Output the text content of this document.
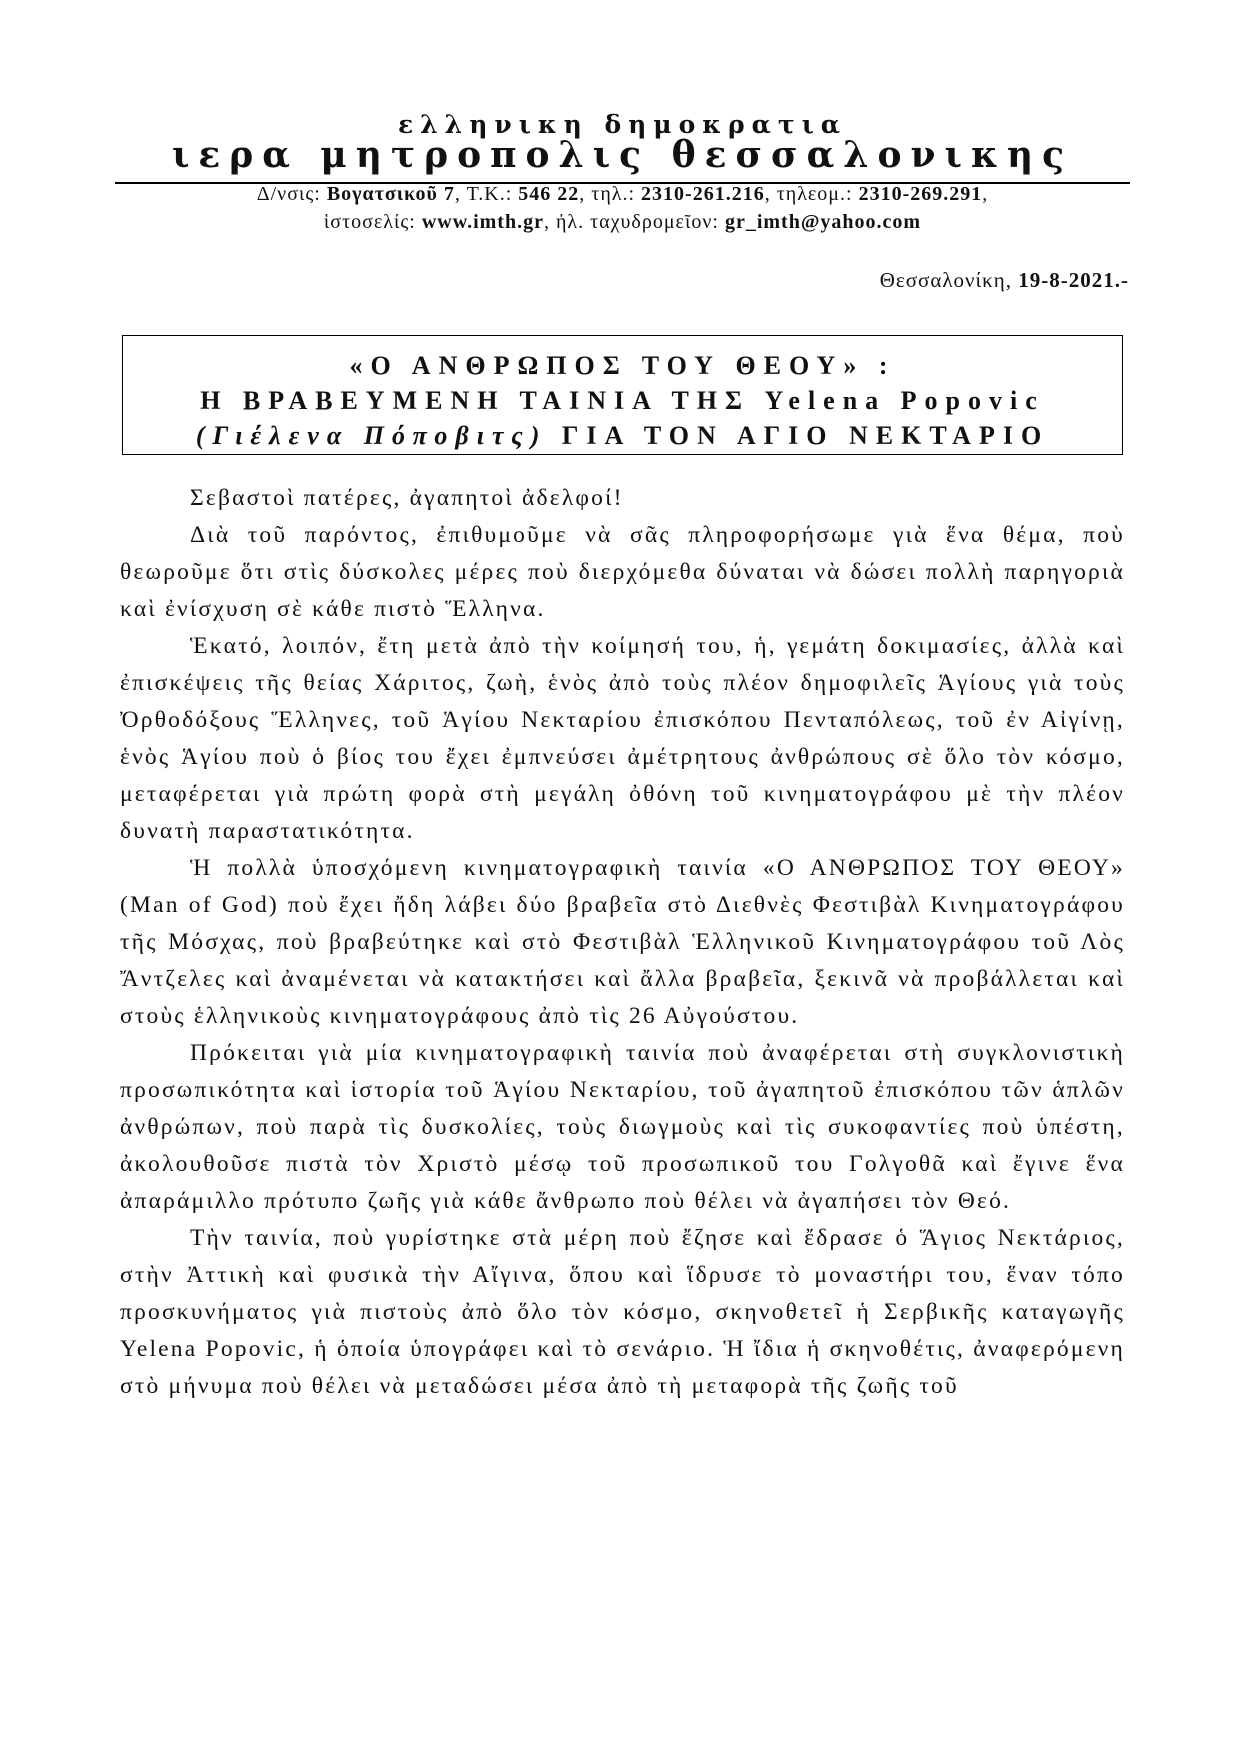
ελληνικη δημοκρατια
ιερα μητροπολις θεσσαλονικης
Δ/νσις: Βογατσικοῦ 7, Τ.Κ.: 546 22, τηλ.: 2310-261.216, τηλεομ.: 2310-269.291,
ἱστοσελίς: www.imth.gr, ἠλ. ταχυδρομεῖον: gr_imth@yahoo.com
Θεσσαλονίκη, 19-8-2021.-
«Ο ΑΝΘΡΩΠΟΣ ΤΟΥ ΘΕΟΥ» :
Η ΒΡΑΒΕΥΜΕΝΗ ΤΑΙΝΙΑ ΤΗΣ Yelena Popovic
(Γιέλενα Πόποβιτς) ΓΙΑ ΤΟΝ ΑΓΙΟ ΝΕΚΤΑΡΙΟ

Σεβαστοὶ πατέρες, ἀγαπητοὶ ἀδελφοί!

Διὰ τοῦ παρόντος, ἐπιθυμοῦμε νὰ σᾶς πληροφορήσωμε γιὰ ἕνα θέμα, ποὺ θεωροῦμε ὅτι στὶς δύσκολες μέρες ποὺ διερχόμεθα δύναται νὰ δώσει πολλὴ παρηγοριὰ καὶ ἐνίσχυση σὲ κάθε πιστὸ Ἕλληνα.

Ἑκατό, λοιπόν, ἔτη μετὰ ἀπὸ τὴν κοίμησή του, ἡ, γεμάτη δοκιμασίες, ἀλλὰ καὶ ἐπισκέψεις τῆς θείας Χάριτος, ζωὴ, ἑνὸς ἀπὸ τοὺς πλέον δημοφιλεῖς Ἁγίους γιὰ τοὺς Ὀρθοδόξους Ἕλληνες, τοῦ Ἁγίου Νεκταρίου ἐπισκόπου Πενταπόλεως, τοῦ ἐν Αἰγίνῃ, ἑνὸς Ἁγίου ποὺ ὁ βίος του ἔχει ἐμπνεύσει ἀμέτρητους ἀνθρώπους σὲ ὅλο τὸν κόσμο, μεταφέρεται γιὰ πρώτη φορὰ στὴ μεγάλη ὀθόνη τοῦ κινηματογράφου μὲ τὴν πλέον δυνατὴ παραστατικότητα.

Ἡ πολλὰ ὑποσχόμενη κινηματογραφικὴ ταινία «Ο ΑΝΘΡΩΠΟΣ ΤΟΥ ΘΕΟΥ» (Man of God) ποὺ ἔχει ἤδη λάβει δύο βραβεῖα στὸ Διεθνὲς Φεστιβὰλ Κινηματογράφου τῆς Μόσχας, ποὺ βραβεύτηκε καὶ στὸ Φεστιβὰλ Ἑλληνικοῦ Κινηματογράφου τοῦ Λὸς Ἄντζελες καὶ ἀναμένεται νὰ κατακτήσει καὶ ἄλλα βραβεῖα, ξεκινᾶ νὰ προβάλλεται καὶ στοὺς ἑλληνικοὺς κινηματογράφους ἀπὸ τὶς 26 Αὐγούστου.

Πρόκειται γιὰ μία κινηματογραφικὴ ταινία ποὺ ἀναφέρεται στὴ συγκλονιστικὴ προσωπικότητα καὶ ἱστορία τοῦ Ἁγίου Νεκταρίου, τοῦ ἀγαπητοῦ ἐπισκόπου τῶν ἁπλῶν ἀνθρώπων, ποὺ παρὰ τὶς δυσκολίες, τοὺς διωγμοὺς καὶ τὶς συκοφαντίες ποὺ ὑπέστη, ἀκολουθοῦσε πιστὰ τὸν Χριστὸ μέσῳ τοῦ προσωπικοῦ του Γολγοθᾶ καὶ ἔγινε ἕνα ἀπαράμιλλο πρότυπο ζωῆς γιὰ κάθε ἄνθρωπο ποὺ θέλει νὰ ἀγαπήσει τὸν Θεό.

Τὴν ταινία, ποὺ γυρίστηκε στὰ μέρη ποὺ ἔζησε καὶ ἔδρασε ὁ Ἅγιος Νεκτάριος, στὴν Ἀττικὴ καὶ φυσικὰ τὴν Αἴγινα, ὅπου καὶ ἵδρυσε τὸ μοναστήρι του, ἕναν τόπο προσκυνήματος γιὰ πιστοὺς ἀπὸ ὅλο τὸν κόσμο, σκηνοθετεῖ ἡ Σερβικῆς καταγωγῆς Yelena Popovic, ἡ ὁποία ὑπογράφει καὶ τὸ σενάριο. Ἡ ἴδια ἡ σκηνοθέτις, ἀναφερόμενη στὸ μήνυμα ποὺ θέλει νὰ μεταδώσει μέσα ἀπὸ τὴ μεταφορὰ τῆς ζωῆς τοῦ
